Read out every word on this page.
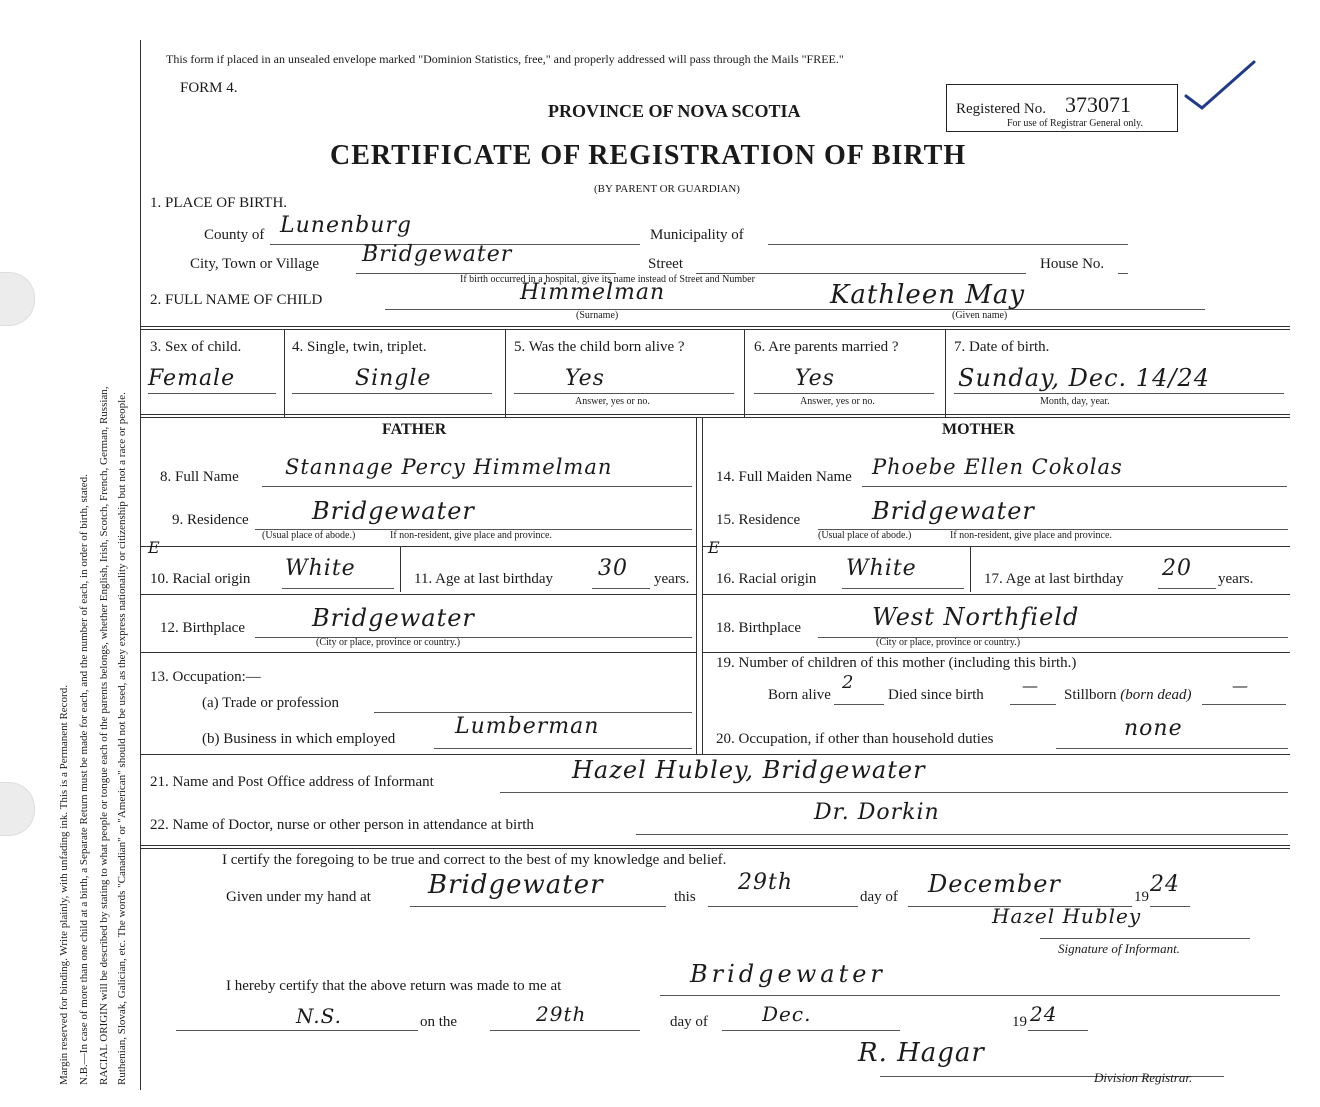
Margin reserved for binding. Write plainly, with unfading ink. This is a Permanent Record. N.B.—In case of more than one child at a birth, a Separate Return must be made for each, and the number of each, in order of birth, stated. RACIAL ORIGIN will be described by stating to what people or tongue each of the parents belongs, whether English, Irish, Scotch, French, German, Russian, Ruthenian, Slovak, Galician, etc. The words "Canadian" or "American" should not be used, as they express nationality or citizenship but not a race or people.
This form if placed in an unsealed envelope marked "Dominion Statistics, free," and properly addressed will pass through the Mails "FREE."
FORM 4.
PROVINCE OF NOVA SCOTIA
CERTIFICATE OF REGISTRATION OF BIRTH
(BY PARENT OR GUARDIAN)
Registered No. 373071
For use of Registrar General only.
1. PLACE OF BIRTH.
County of Lunenburg	Municipality of
City, Town or Village Bridgewater	Street	House No.
If birth occurred in a hospital, give its name instead of Street and Number
2. FULL NAME OF CHILD	Himmelman	Kathleen May
(Surname)	(Given name)
3. Sex of child.
Female
4. Single, twin, triplet.
Single
5. Was the child born alive ?
Yes
Answer, yes or no.
6. Are parents married ?
Yes
Answer, yes or no.
7. Date of birth.
Sunday, Dec. 14/24
Month, day, year.
FATHER	MOTHER
8. Full Name Stannage Percy Himmelman	14. Full Maiden Name Phoebe Ellen Cokolas
9. Residence	Bridgewater
(Usual place of abode.)	If non-resident, give place and province.
15. Residence	Bridgewater
(Usual place of abode.)	If non-resident, give place and province.
E
10. Racial origin White	11. Age at last birthday 30 years.
E
16. Racial origin White	17. Age at last birthday 20 years.
12. Birthplace	Bridgewater
(City or place, province or country.)
18. Birthplace	West Northfield
(City or place, province or country.)
13. Occupation:—
(a) Trade or profession
(b) Business in which employed	Lumberman
19. Number of children of this mother (including this birth.)
Born alive
2
Died since birth — Stillborn (born dead)	—
20. Occupation, if other than household duties	none
21. Name and Post Office address of Informant	Hazel Hubley, Bridgewater
22. Name of Doctor, nurse or other person in attendance at birth	Dr. Dorkin
I certify the foregoing to be true and correct to the best of my knowledge and belief.
Given under my hand at Bridgewater	this
29th
day of December	19 24
Hazel Hubley
Signature of Informant.
I hereby certify that the above return was made to me at	Bridgewater
N.S.	on the	29th	day of	Dec.	19 24
R. Hagar
Division Registrar.
